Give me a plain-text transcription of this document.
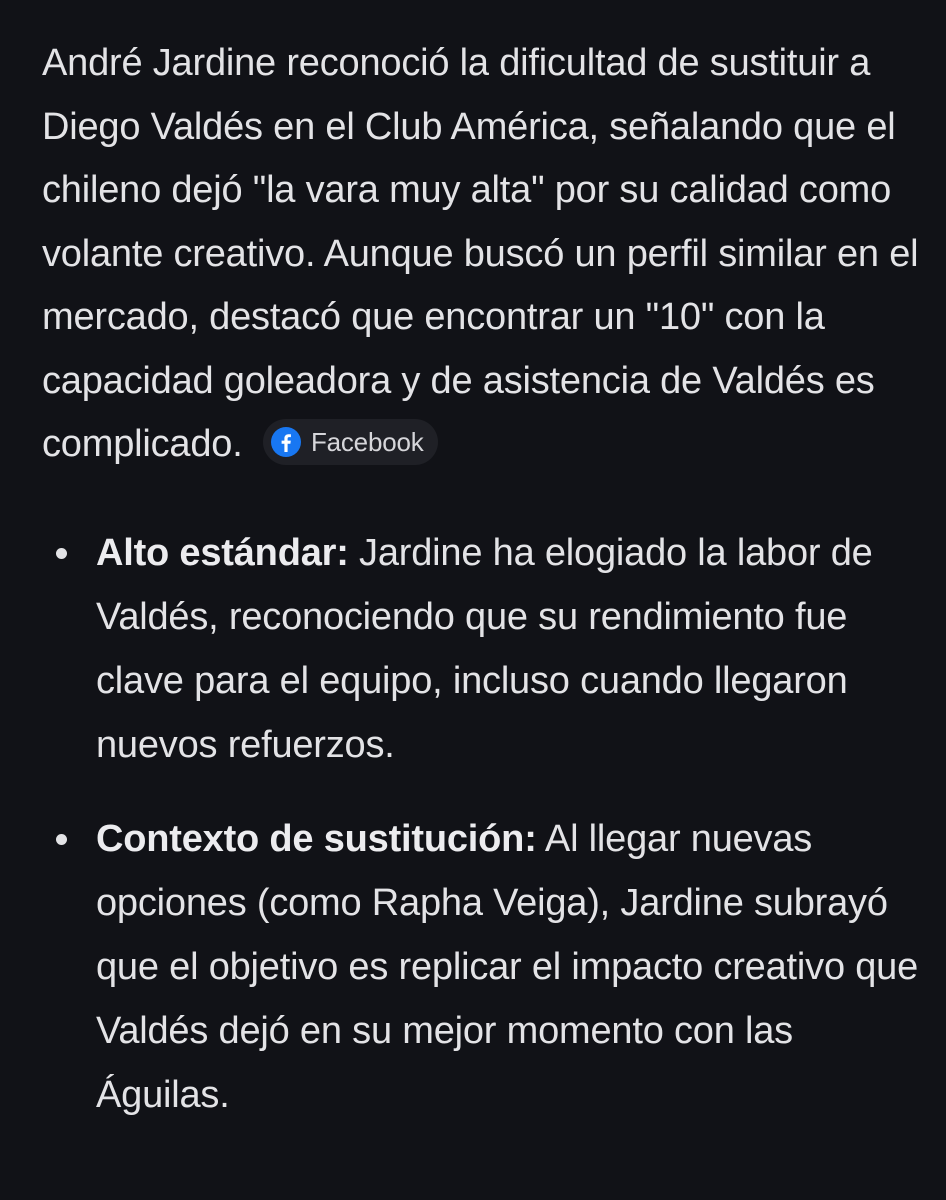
André Jardine reconoció la dificultad de sustituir a Diego Valdés en el Club América, señalando que el chileno dejó "la vara muy alta" por su calidad como volante creativo. Aunque buscó un perfil similar en el mercado, destacó que encontrar un "10" con la capacidad goleadora y de asistencia de Valdés es complicado.	Facebook

Alto estándar: Jardine ha elogiado la labor de Valdés, reconociendo que su rendimiento fue clave para el equipo, incluso cuando llegaron nuevos refuerzos.
Contexto de sustitución: Al llegar nuevas opciones (como Rapha Veiga), Jardine subrayó que el objetivo es replicar el impacto creativo que Valdés dejó en su mejor momento con las Águilas.
